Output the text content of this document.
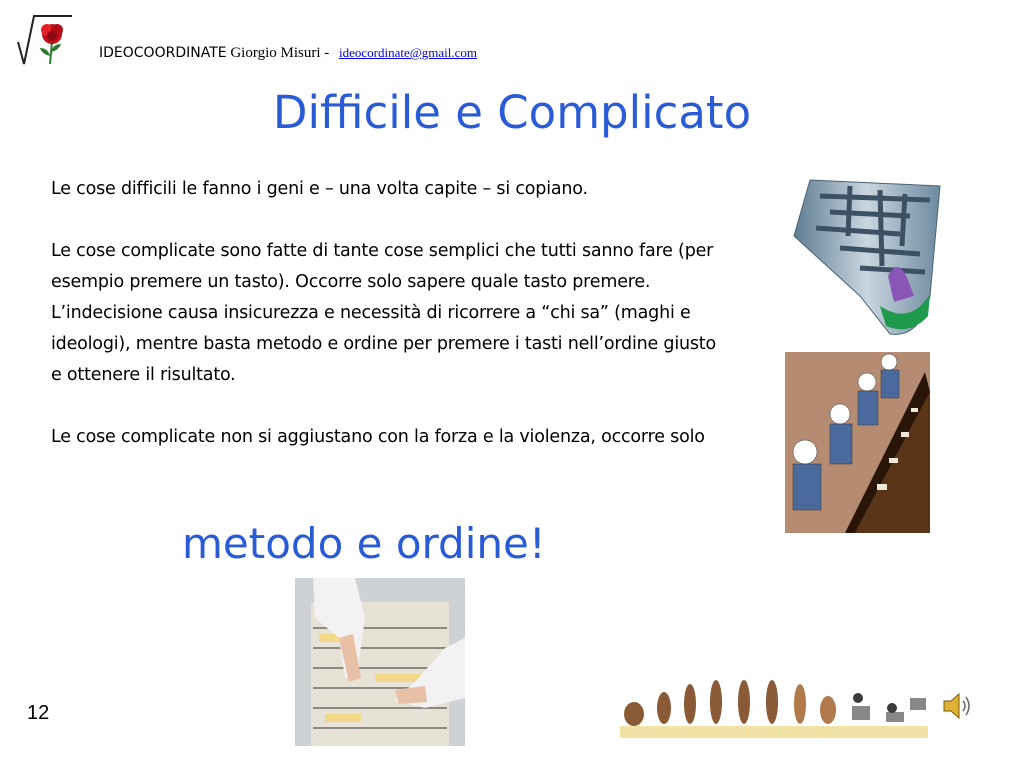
IDEOCOORDINATE Giorgio Misuri - ideocordinate@gmail.com
Difficile e Complicato

Le cose difficili le fanno i geni e – una volta capite – si copiano.

Le cose complicate sono fatte di tante cose semplici che tutti sanno fare (per esempio premere un tasto). Occorre solo sapere quale tasto premere. L’indecisione causa insicurezza e necessità di ricorrere a “chi sa” (maghi e ideologi), mentre basta metodo e ordine per premere i tasti nell’ordine giusto e ottenere il risultato.

Le cose complicate non si aggiustano con la forza e la violenza, occorre solo

metodo e ordine!
12
